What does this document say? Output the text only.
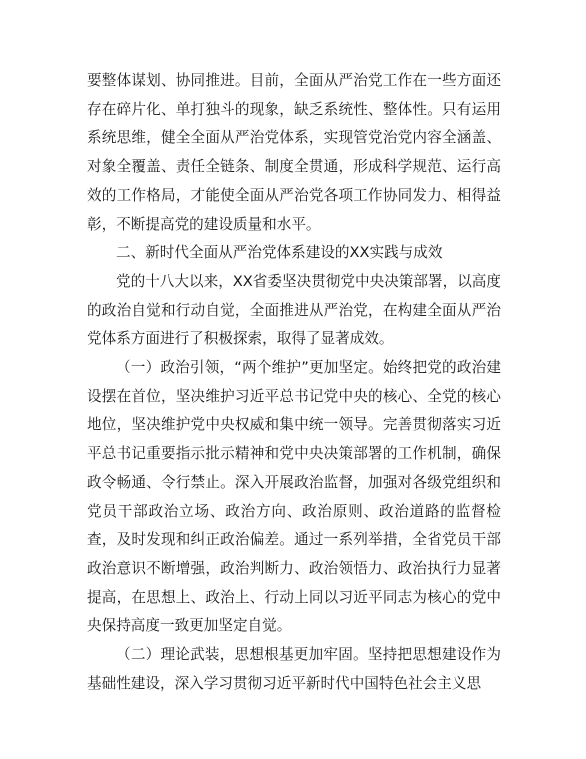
要整体谋划、协同推进。目前，全面从严治党工作在一些方面还存在碎片化、单打独斗的现象，缺乏系统性、整体性。只有运用系统思维，健全全面从严治党体系，实现管党治党内容全涵盖、对象全覆盖、责任全链条、制度全贯通，形成科学规范、运行高效的工作格局，才能使全面从严治党各项工作协同发力、相得益彰，不断提高党的建设质量和水平。

二、新时代全面从严治党体系建设的XX实践与成效

党的十八大以来，XX省委坚决贯彻党中央决策部署，以高度的政治自觉和行动自觉，全面推进从严治党，在构建全面从严治党体系方面进行了积极探索，取得了显著成效。

（一）政治引领，“两个维护”更加坚定。始终把党的政治建设摆在首位，坚决维护习近平总书记党中央的核心、全党的核心地位，坚决维护党中央权威和集中统一领导。完善贯彻落实习近平总书记重要指示批示精神和党中央决策部署的工作机制，确保政令畅通、令行禁止。深入开展政治监督，加强对各级党组织和党员干部政治立场、政治方向、政治原则、政治道路的监督检查，及时发现和纠正政治偏差。通过一系列举措，全省党员干部政治意识不断增强，政治判断力、政治领悟力、政治执行力显著提高，在思想上、政治上、行动上同以习近平同志为核心的党中央保持高度一致更加坚定自觉。

（二）理论武装，思想根基更加牢固。坚持把思想建设作为基础性建设，深入学习贯彻习近平新时代中国特色社会主义思
